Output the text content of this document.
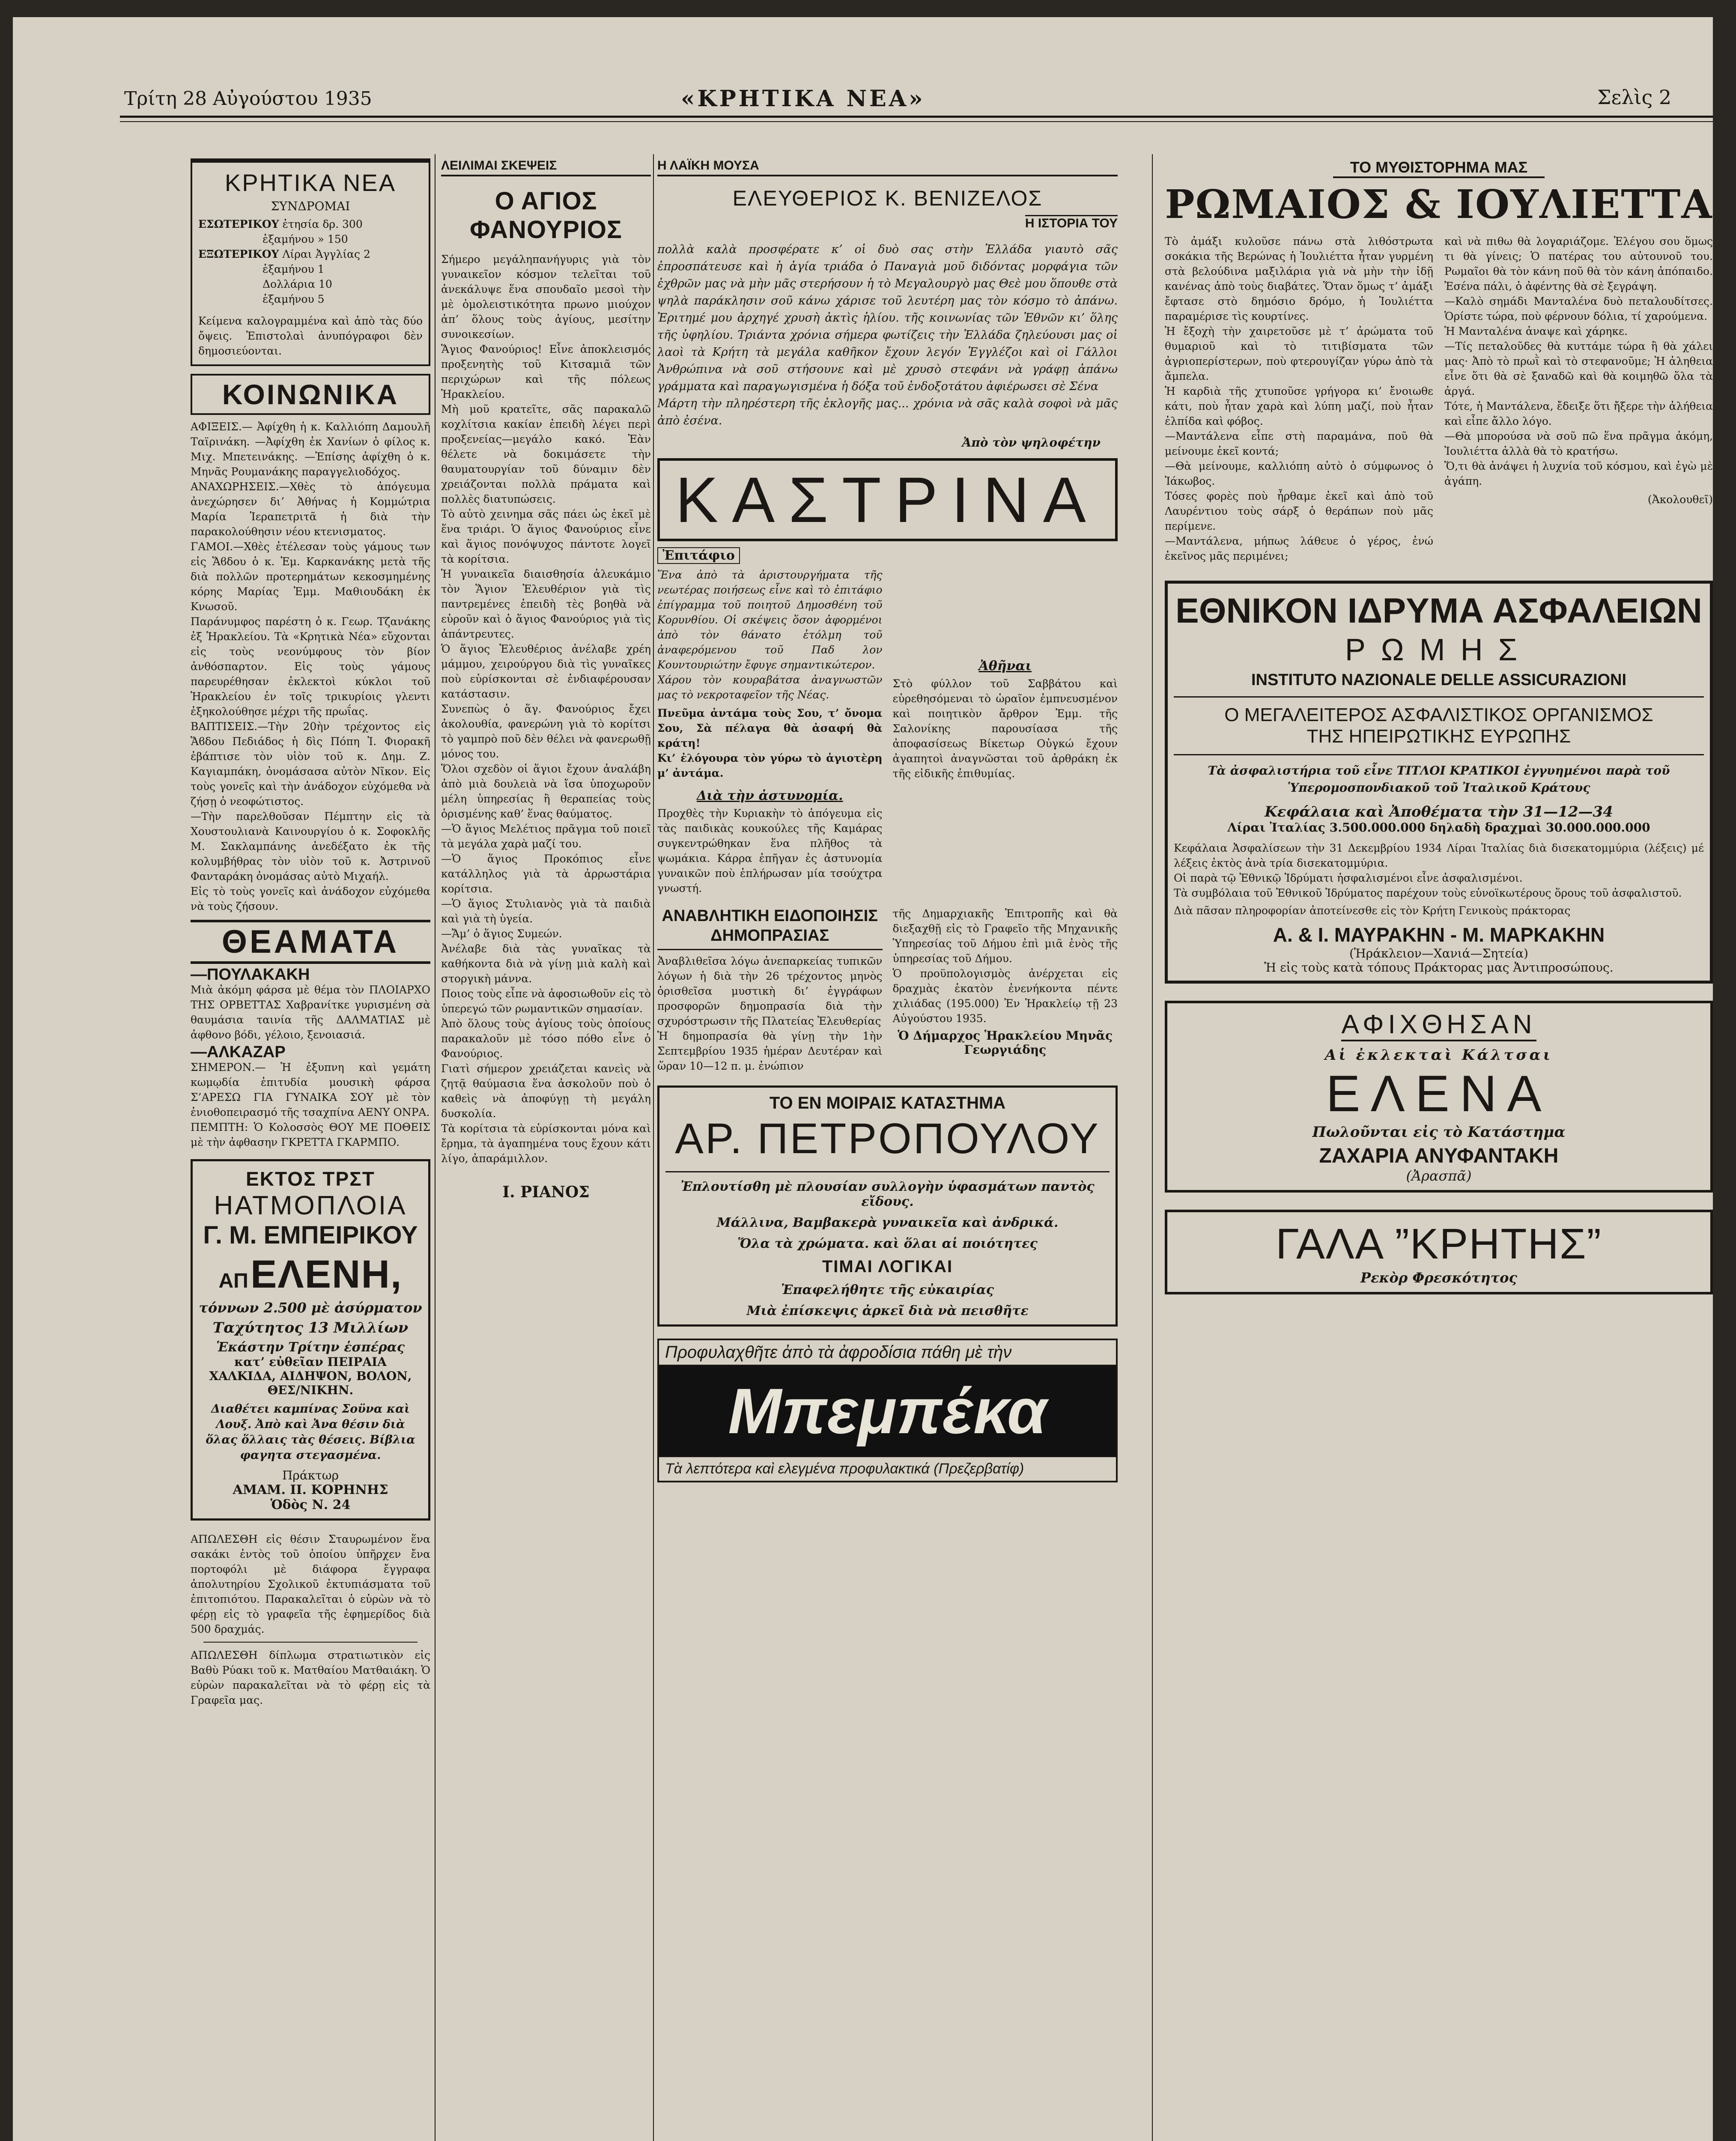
Τρίτη 28 Αὐγούστου 1935	«ΚΡΗΤΙΚΑ ΝΕΑ»	Σελὶς 2
ΚΡΗΤΙΚΑ ΝΕΑ
ΣΥΝΔΡΟΜΑΙ
ΕΣΩΤΕΡΙΚΟΥ ἐτησία δρ. 300
ἑξαμήνου » 150
ΕΞΩΤΕΡΙΚΟΥ Λίραι Ἀγγλίας 2
ἑξαμήνου 1
Δολλάρια 10
ἑξαμήνου 5
Κείμενα καλογραμμένα καὶ ἀπὸ τὰς δύο ὄψεις. Ἐπιστολαὶ ἀνυπόγραφοι δὲν δημοσιεύονται.
ΚΟΙΝΩΝΙΚΑ

ΑΦΙΞΕΙΣ.— Ἀφίχθη ἡ κ. Καλλιόπη Δαμουλῆ Ταϊρινάκη. —Ἀφίχθη ἐκ Χανίων ὁ φίλος κ. Μιχ. Μπετεινάκης. —Ἐπίσης ἀφίχθη ὁ κ. Μηνᾶς Ρουμανάκης παραγγελιοδόχος.

ΑΝΑΧΩΡΗΣΕΙΣ.—Χθὲς τὸ ἀπόγευμα ἀνεχώρησεν διʼ Ἀθήνας ἡ Κομμώτρια Μαρία Ἱεραπετριτᾶ ἡ διὰ τὴν παρακολούθησιν νέου κτενισματος.

ΓΑΜΟΙ.—Χθὲς ἐτέλεσαν τοὺς γάμους των εἰς Ἅϐδου ὁ κ. Ἐμ. Καρκανάκης μετὰ τῆς διὰ πολλῶν προτερημάτων κεκοσμημένης κόρης Μαρίας Ἐμμ. Μαθιουδάκη ἐκ Κνωσοῦ.

Παράνυμφος παρέστη ὁ κ. Γεωρ. Τζανάκης ἐξ Ἡρακλείου. Τὰ «Κρητικὰ Νέα» εὔχονται εἰς τοὺς νεονύμφους τὸν βίον ἀνθόσπαρτον. Εἰς τοὺς γάμους παρευρέθησαν ἐκλεκτοὶ κύκλοι τοῦ Ἡρακλείου ἐν τοῖς τρικυρίοις γλεντι ἐξηκολούθησε μέχρι τῆς πρωΐας.

ΒΑΠΤΙΣΕΙΣ.—Τὴν 20ὴν τρέχοντος εἰς Ἅϐδου Πεδιάδος ἡ δὶς Πόπη Ἰ. Φιορακῆ ἐβάπτισε τὸν υἱὸν τοῦ κ. Δημ. Ζ. Καγιαμπάκη, ὀνομάσασα αὐτὸν Νῖκον. Εἰς τοὺς γονεῖς καὶ τὴν ἀνάδοχον εὐχόμεθα νὰ ζήσῃ ὁ νεοφώτιστος.

—Τὴν παρελθοῦσαν Πέμπτην εἰς τὰ Χουστουλιανὰ Καινουργίου ὁ κ. Σοφοκλῆς Μ. Σακλαμπάνης ἀνεδέξατο ἐκ τῆς κολυμβήθρας τὸν υἱὸν τοῦ κ. Ἀστρινοῦ Φανταράκη ὀνομάσας αὐτὸ Μιχαήλ.

Εἰς τὸ τοὺς γονεῖς καὶ ἀνάδοχον εὐχόμεθα νὰ τοὺς ζήσουν.

ΘΕΑΜΑΤΑ
—ΠΟΥΛΑΚΑΚΗ

Μιὰ ἀκόμη φάρσα μὲ θέμα τὸν ΠΛΟΙΑΡΧΟ ΤΗΣ ΟΡΒΕΤΤΑΣ Χαβρανίτκε γυρισμένη σὰ θαυμάσια ταινία τῆς ΔΑΛΜΑΤΙΑΣ μὲ ἀφθονο βόδι, γέλοιο, ξενοιασιά.

—ΑΛΚΑΖΑΡ

ΣΗΜΕΡΟΝ.— Ἡ ἐξυπνη καὶ γεμάτη κωμῳδία ἐπιτυδία μουσικὴ φάρσα Σ’ΑΡΕΣΩ ΓΙΑ ΓΥΝΑΙΚΑ ΣΟΥ μὲ τὸν ἐνιοθοπειρασμό τῆς τσαχπίνα ΑΕΝΥ ΟΝΡΑ.

ΠΕΜΠΤΗ: Ὁ Κολοσσὸς ΘΟΥ ΜΕ ΠΟΘΕΙΣ μὲ τὴν ἀφθασην ΓΚΡΕΤΤΑ ΓΚΑΡΜΠΟ.

ΕΚΤΟΣ ΤΡΣΤ
ΗΑΤΜΟΠΛΟΙΑ
Γ. Μ. ΕΜΠΕΙΡΙΚΟΥ
ΑΠ ΕΛΕΝΗ,
τόννων 2.500 μὲ ἀσύρματον
Ταχύτητος 13 Μιλλίων
Ἑκάστην Τρίτην ἑσπέρας
κατ’ εὐθεῖαν ΠΕΙΡΑΙΑ
ΧΑΛΚΙΔΑ, ΑΙΔΗΨΟΝ, ΒΟΛΟΝ, ΘΕΣ/ΝΙΚΗΝ.
Διαθέτει καμπίνας Σοϋνα καὶ Λουξ. Ἀπὸ καὶ Ἀνα θέσιν διὰ ὅλας ὅλλαις τὰς θέσεις. Βίβλια φαγητα στεγασμένα.
Πράκτωρ
ΑΜΑΜ. ΙΙ. ΚΟΡΗΝΗΣ
Ὁδὸς Ν. 24

ΑΠΩΛΕΣΘΗ εἰς θέσιν Σταυρωμένον ἕνα σακάκι ἐντὸς τοῦ ὁποίου ὑπῆρχεν ἔνα πορτοφόλι μὲ διάφορα ἔγγραφα ἀπολυτηρίου Σχολικοῦ ἐκτυπιάσματα τοῦ ἐπιτοπιότου. Παρακαλεῖται ὁ εὑρὼν νὰ τὸ φέρῃ εἰς τὸ γραφεῖα τῆς ἐφημερίδος διὰ 500 δραχμάς.

ΑΠΩΛΕΣΘΗ δίπλωμα στρατιωτικὸν εἰς Βαθὺ Ρύακι τοῦ κ. Ματθαίου Ματθαιάκη. Ὁ εὑρὼν παρακαλεῖται νὰ τὸ φέρῃ εἰς τὰ Γραφεῖα μας.

ΛΕΙΛΙΜΑΙ ΣΚΕΨΕΙΣ
Ο ΑΓΙΟΣ ΦΑΝΟΥΡΙΟΣ

Σήμερο μεγάληπανήγυρις γιὰ τὸν γυναικεῖον κόσμον τελεῖται τοῦ ἀνεκάλυψε ἕνα σπουδαῖο μεσοὶ τὴν μὲ ὁμολειστικότητα πρωνο μιούχον ἀπ’ ὅλους τοὺς ἁγίους, μεσίτην συνοικεσίων.

Ἅγιος Φανούριος! Εἶνε ἀποκλεισμός προξενητὴς τοῦ Κιτσαμιᾶ τῶν περιχώρων καὶ τῆς πόλεως Ἡρακλείου.

Μὴ μοῦ κρατεῖτε, σᾶς παρακαλῶ κοχλίτσια κακίαν ἐπειδὴ λέγει περὶ προξενείας—μεγάλο κακό. Ἐὰν θέλετε νὰ δοκιμάσετε τὴν θαυματουργίαν τοῦ δύναμιν δὲν χρειάζονται πολλὰ πράματα καὶ πολλὲς διατυπώσεις.

Τὸ αὐτὸ χεινημα σᾶς πάει ὡς ἐκεῖ μὲ ἕνα τριάρι. Ὁ ἅγιος Φανούριος εἶνε καὶ ἅγιος πονόψυχος πάντοτε λογεῖ τὰ κορίτσια.

Ἡ γυναικεῖα διαισθησία ἀλευκάμιο τὸν Ἅγιον Ἐλευθέριον γιὰ τὶς παντρεμένες ἐπειδὴ τὲς βοηθὰ νὰ εὑροῦν καὶ ὁ ἅγιος Φανούριος γιὰ τὶς ἀπάντρευτες.

Ὁ ἅγιος Ἐλευθέριος ἀνέλαβε χρέη μάμμου, χειρούργου διὰ τὶς γυναῖκες ποὺ εὑρίσκονται σὲ ἐνδιαφέρουσαν κατάστασιν.

Συνεπὼς ὁ ἅγ. Φανούριος ἔχει ἀκολουθία, φανερώνη γιὰ τὸ κορίτσι τὸ γαμπρὸ ποῦ δὲν θέλει νὰ φανερωθῇ μόνος του.

Ὅλοι σχεδὸν οἱ ἅγιοι ἔχουν ἀναλάβη ἀπὸ μιὰ δουλειὰ νὰ ἴσα ὑποχωροῦν μέλη ὑπηρεσίας ἢ θεραπείας τοὺς ὁρισμένης καθ’ ἕνας θαύματος.

—Ὁ ἅγιος Μελέτιος πρᾶγμα τοῦ ποιεῖ τὰ μεγάλα χαρὰ μαζί του.

—Ὁ ἅγιος Προκόπιος εἶνε κατάλληλος γιὰ τὰ ἀρρωστάρια κορίτσια.

—Ὁ ἅγιος Στυλιανὸς γιὰ τὰ παιδιὰ καὶ γιὰ τὴ ὑγεία.

—Ἄμ’ ὁ ἅγιος Συμεών.

Ἀνέλαβε διὰ τὰς γυναῖκας τὰ καθήκοντα διὰ νὰ γίνῃ μιὰ καλὴ καὶ στοργικὴ μάννα.

Ποιος τοὺς εἶπε νὰ ἀφοσιωθοῦν εἰς τὸ ὑπερεγώ τῶν ρωμαντικῶν σημασίαν.

Ἀπὸ ὅλους τοὺς ἁγίους τοὺς ὁποίους παρακαλοῦν μὲ τόσο πόθο εἶνε ὁ Φανούριος.

Γιατὶ σήμερον χρειάζεται κανεὶς νὰ ζητᾷ θαύμασια ἕνα ἀσκολοῦν ποὺ ὁ καθεὶς νὰ ἀποφύγῃ τὴ μεγάλη δυσκολία.

Τὰ κορίτσια τὰ εὑρίσκονται μόνα καὶ ἔρημα, τὰ ἀγαπημένα τους ἔχουν κάτι λίγο, ἀπαράμιλλον.

Ι. ΡΙΑΝΟΣ
Η ΛΑΪΚΗ ΜΟΥΣΑ
ΕΛΕΥΘΕΡΙΟΣ Κ. ΒΕΝΙΖΕΛΟΣ
Η ΙΣΤΟΡΙΑ ΤΟΥ
πολλὰ καλὰ προσφέρατε κ’ οἱ δυὸ σας στὴν Ἑλλάδα γιαυτὸ σᾶς ἐπροσπάτευσε καὶ ἡ ἁγία τριάδα ὁ Παναγιὰ μοῦ διδόντας μορφάγια τῶν ἐχθρῶν μας νὰ μὴν μᾶς στερήσουν ἡ τὸ Μεγαλουργὸ μας Θεὲ μου ὅπουθε στὰ ψηλὰ παράκλησιν σοῦ κάνω χάρισε τοῦ λευτέρη μας τὸν κόσμο τὸ ἀπάνω. Ἐριτημέ μου ἀρχηγέ χρυσὴ ἀκτὶς ἡλίου. τῆς κοινωνίας τῶν Ἐθνῶν κι’ ὅλης τῆς ὑφηλίου. Τριάντα χρόνια σήμερα φωτίζεις τὴν Ἑλλάδα ζηλεύουσι μας οἱ λαοὶ τὰ Κρήτη τὰ μεγάλα καθῆκον ἔχουν λεγόν Ἐγγλέζοι καὶ οἱ Γάλλοι Ἀνθρώπινα νὰ σοῦ στήσουνε καὶ μὲ χρυσὸ στεφάνι νὰ γράφῃ ἀπάνω γράμματα καὶ παραγωγισμένα ἡ δόξα τοῦ ἐνδοξοτάτου ἀφιέρωσει σὲ Σένα
Μάρτη τὴν πληρέστερη τῆς ἐκλογῆς μας... χρόνια νὰ σᾶς καλὰ σοφοὶ νὰ μᾶς ἀπὸ ἐσένα.
Ἀπὸ τὸν ψηλοφέτην
ΚΑΣΤΡΙΝΑ
Ἐπιτάφιο
Ἕνα ἀπὸ τὰ ἀριστουργήματα τῆς νεωτέρας ποιήσεως εἶνε καὶ τὸ ἐπιτάφιο ἐπίγραμμα τοῦ ποιητοῦ Δημοσθένη τοῦ Κορυνθίου. Οἱ σκέψεις ὅσον ἀφορμένοι ἀπὸ τὸν θάνατο ἐτόλμη τοῦ ἀναφερόμενου τοῦ Παδ λον Κουντουριώτην ἔφυγε σημαντικώτερον.
Χάρου τὸν κουραβάτσα ἀναγνωστῶν μας τὸ νεκροταφεῖον τῆς Νέας.
Πνεῦμα ἀντάμα τοὺς Σου, τ’ ὄνομα Σου, Σὰ πέλαγα θὰ ἀσαφή θὰ κράτη!
Κι’ ἐλόγουρα τὸν γύρω τὸ ἁγιοτὲρη μ’ ἀντάμα.
Διὰ τὴν ἀστυνομία.
Προχθὲς τὴν Κυριακὴν τὸ ἀπόγευμα εἰς τὰς παιδικὰς κουκούλες τῆς Καμάρας συγκεντρώθηκαν ἕνα πλῆθος τὰ ψωμάκια. Κάρρα ἐπῆγαν ἐς ἀστυνομία γυναικῶν ποὺ ἐπλήρωσαν μία τσούχτρα γνωστή.
Ἀθῆναι
Στὸ φύλλον τοῦ Σαββάτου καὶ εὑρεθησόμεναι τὸ ὡραῖον ἐμπνευσμένον καὶ ποιητικὸν ἄρθρον Ἐμμ. τῆς Σαλονίκης παρουσίασα τῆς ἀποφασίσεως Βίκετωρ Οὐγκώ ἔχουν ἀγαπητοὶ ἀναγνῶσται τοῦ ἀρθράκη ἐκ τῆς εἰδικῆς ἐπιθυμίας.
ΑΝΑΒΛΗΤΙΚΗ ΕΙΔΟΠΟΙΗΣΙΣ ΔΗΜΟΠΡΑΣΙΑΣ
Ἀναβλιθεῖσα λόγω ἀνεπαρκείας τυπικῶν λόγων ἡ διὰ τὴν 26 τρέχοντος μηνὸς ὁρισθεῖσα μυστικὴ δι’ ἐγγράφων προσφορῶν δημοπρασία διὰ τὴν σχυρόστρωσιν τῆς Πλατείας Ἐλευθερίας
Ἡ δημοπρασία θὰ γίνῃ τὴν 1ὴν Σεπτεμβρίου 1935 ἡμέραν Δευτέραν καὶ ὥραν 10—12 π. μ. ἐνώπιον
τῆς Δημαρχιακῆς Ἐπιτροπῆς καὶ θὰ διεξαχθῇ εἰς τὸ Γραφεῖο τῆς Μηχανικῆς Ὑπηρεσίας τοῦ Δήμου ἐπὶ μιᾶ ἐνὸς τῆς ὑπηρεσίας τοῦ Δήμου.
Ὁ προϋπολογισμὸς ἀνέρχεται εἰς δραχμὰς ἑκατὸν ἐνενήκοντα πέντε χιλιάδας (195.000) Ἐν Ἡρακλείῳ τῇ 23 Αὐγούστου 1935.
Ὁ Δήμαρχος Ἡρακλείου Μηνᾶς Γεωργιάδης
ΤΟ ΕΝ ΜΟΙΡΑΙΣ ΚΑΤΑΣΤΗΜΑ
ΑΡ. ΠΕΤΡΟΠΟΥΛΟΥ
Ἐπλουτίσθη μὲ πλουσίαν συλλογὴν ὑφασμάτων παντὸς εἴδους.
Μάλλινα, Βαμβακερὰ γυναικεῖα καὶ ἀνδρικά.
Ὅλα τὰ χρώματα. καὶ ὅλαι αἱ ποιότητες
ΤΙΜΑΙ ΛΟΓΙΚΑΙ
Ἐπαφελήθητε τῆς εὐκαιρίας
Μιὰ ἐπίσκεψις ἀρκεῖ διὰ νὰ πεισθῆτε
Προφυλαχθῆτε ἀπὸ τὰ ἀφροδίσια πάθη μὲ τὴν
Μπεμπέκα
Τὰ λεπτότερα καὶ ελεγμένα προφυλακτικά (Πρεζερβατίφ)
ΤΟ ΜΥΘΙΣΤΟΡΗΜΑ ΜΑΣ
ΡΩΜΑΙΟΣ & ΙΟΥΛΙΕΤΤΑ

Τὸ ἀμάξι κυλοῦσε πάνω στὰ λιθόστρωτα σοκάκια τῆς Βερώνας ἡ Ἰουλιέττα ἦταν γυρμένη στὰ βελούδινα μαξιλάρια γιὰ νὰ μὴν τὴν ἰδῇ κανένας ἀπὸ τοὺς διαβάτες. Ὅταν ὅμως τ’ ἀμάξι ἔφτασε στὸ δημόσιο δρόμο, ἡ Ἰουλιέττα παραμέρισε τὶς κουρτίνες.

Ἡ ἔξοχὴ τὴν χαιρετοῦσε μὲ τ’ ἀρώματα τοῦ θυμαριοῦ καὶ τὸ τιτιβίσματα τῶν ἀγριοπερίστερων, ποὺ φτερουγίζαν γύρω ἀπὸ τὰ ἄμπελα.

Ἡ καρδιὰ τῆς χτυποῦσε γρήγορα κι’ ἔνοιωθε κάτι, ποὺ ἦταν χαρὰ καὶ λύπη μαζί, ποὺ ἦταν ἐλπίδα καὶ φόβος.

—Μαντάλενα εἶπε στὴ παραμάνα, ποῦ θὰ μείνουμε ἐκεῖ κοντά;

—Θὰ μείνουμε, καλλιόπη αὐτὸ ὁ σύμφωνος ὁ Ἰάκωβος.

Τόσες φορὲς ποὺ ἦρθαμε ἐκεῖ καὶ ἀπὸ τοῦ Λαυρέντιου τοὺς σάρξ ὁ θεράπων ποὺ μᾶς περίμενε.

—Μαντάλενα, μήπως λάθευε ὁ γέρος, ἐνώ ἐκεῖνος μᾶς περιμένει;

καὶ νὰ πιθω θὰ λογαριάζομε. Ἐλέγου σου ὅμως τι θὰ γίνεις; Ὁ πατέρας του αὐτουνοῦ του. Ρωμαῖοι θὰ τὸν κάνη ποῦ θὰ τὸν κάνη ἀπόπαιδο. Ἐσένα πάλι, ὁ ἀφέντης θὰ σὲ ξεγράψη.

—Καλὸ σημάδι Μανταλένα δυὸ πεταλουδίτσες. Ὁρίστε τώρα, ποὺ φέρνουν δόλια, τί χαρούμενα.

Ἡ Μανταλένα ἀναψε καὶ χάρηκε.

—Τίς πεταλοῦδες θὰ κυττάμε τώρα ἢ θὰ χάλει μας· Ἀπὸ τὸ πρωῒ καὶ τὸ στεφανοῦμε; Ἡ ἀληθεια εἶνε ὅτι θὰ σὲ ξαναδῶ καὶ θὰ κοιμηθῶ ὅλα τὰ ἀργά.

Τότε, ἡ Μαντάλενα, ἔδειξε ὅτι ἤξερε τὴν ἀλήθεια καὶ εἶπε ἄλλο λόγο.

—Θὰ μπορούσα νὰ σοῦ πῶ ἕνα πρᾶγμα ἀκόμη, Ἰουλιέττα ἀλλὰ θὰ τὸ κρατήσω.

Ὅ,τι θὰ ἀνάψει ἡ λυχνία τοῦ κόσμου, καὶ ἐγὼ μὲ ἀγάπη.

(Ἀκολουθεῖ)
ΕΘΝΙΚΟΝ ΙΔΡΥΜΑ ΑΣΦΑΛΕΙΩΝ
ΡΩΜΗΣ
INSTITUTO NAZIONALE DELLE ASSICURAZIONI
Ο ΜΕΓΑΛΕΙΤΕΡΟΣ ΑΣΦΑΛΙΣΤΙΚΟΣ ΟΡΓΑΝΙΣΜΟΣ
ΤΗΣ ΗΠΕΙΡΩΤΙΚΗΣ ΕΥΡΩΠΗΣ
Τὰ ἀσφαλιστήρια τοῦ εἶνε ΤΙΤΛΟΙ ΚΡΑΤΙΚΟΙ ἐγγυημένοι παρὰ τοῦ Ὑπερομοσπονδιακοῦ τοῦ Ἰταλικοῦ Κράτους
Κεφάλαια καὶ Ἀποθέματα τὴν 31—12—34
Λίραι Ἰταλίας 3.500.000.000 δηλαδὴ δραχμαὶ 30.000.000.000
Κεφάλαια Ἀσφαλίσεων τὴν 31 Δεκεμβρίου 1934 Λίραι Ἰταλίας διὰ δισεκατομμύρια (λέξεις) μέ λέξεις ἐκτὸς ἀνὰ τρία δισεκατομμύρια.
Οἱ παρὰ τῷ Ἐθνικῷ Ἰδρύματι ἠσφαλισμένοι εἶνε ἀσφαλισμένοι.
Τὰ συμβόλαια τοῦ Ἐθνικοῦ Ἰδρύματος παρέχουν τοὺς εὐνοϊκωτέρους ὅρους τοῦ ἀσφαλιστοῦ.
Διὰ πᾶσαν πληροφορίαν ἀποτείνεσθε εἰς τὸν Κρήτη Γενικοὺς πράκτορας
Α. & Ι. ΜΑΥΡΑΚΗΝ - Μ. ΜΑΡΚΑΚΗΝ
(Ἡράκλειον—Χανιά—Σητεία)
Ἡ εἰς τοὺς κατὰ τόπους Πράκτορας μας Ἀντιπροσώπους.
ΑΦΙΧΘΗΣΑΝ
Αἱ ἐκλεκταὶ Κάλτσαι
ΕΛΕΝΑ
Πωλοῦνται εἰς τὸ Κατάστημα
ΖΑΧΑΡΙΑ ΑΝΥΦΑΝΤΑΚΗ
(Ἀρασπᾶ)
ΓΑΛΑ ”ΚΡΗΤΗΣ”
Ρεκὸρ Φρεσκότητος
